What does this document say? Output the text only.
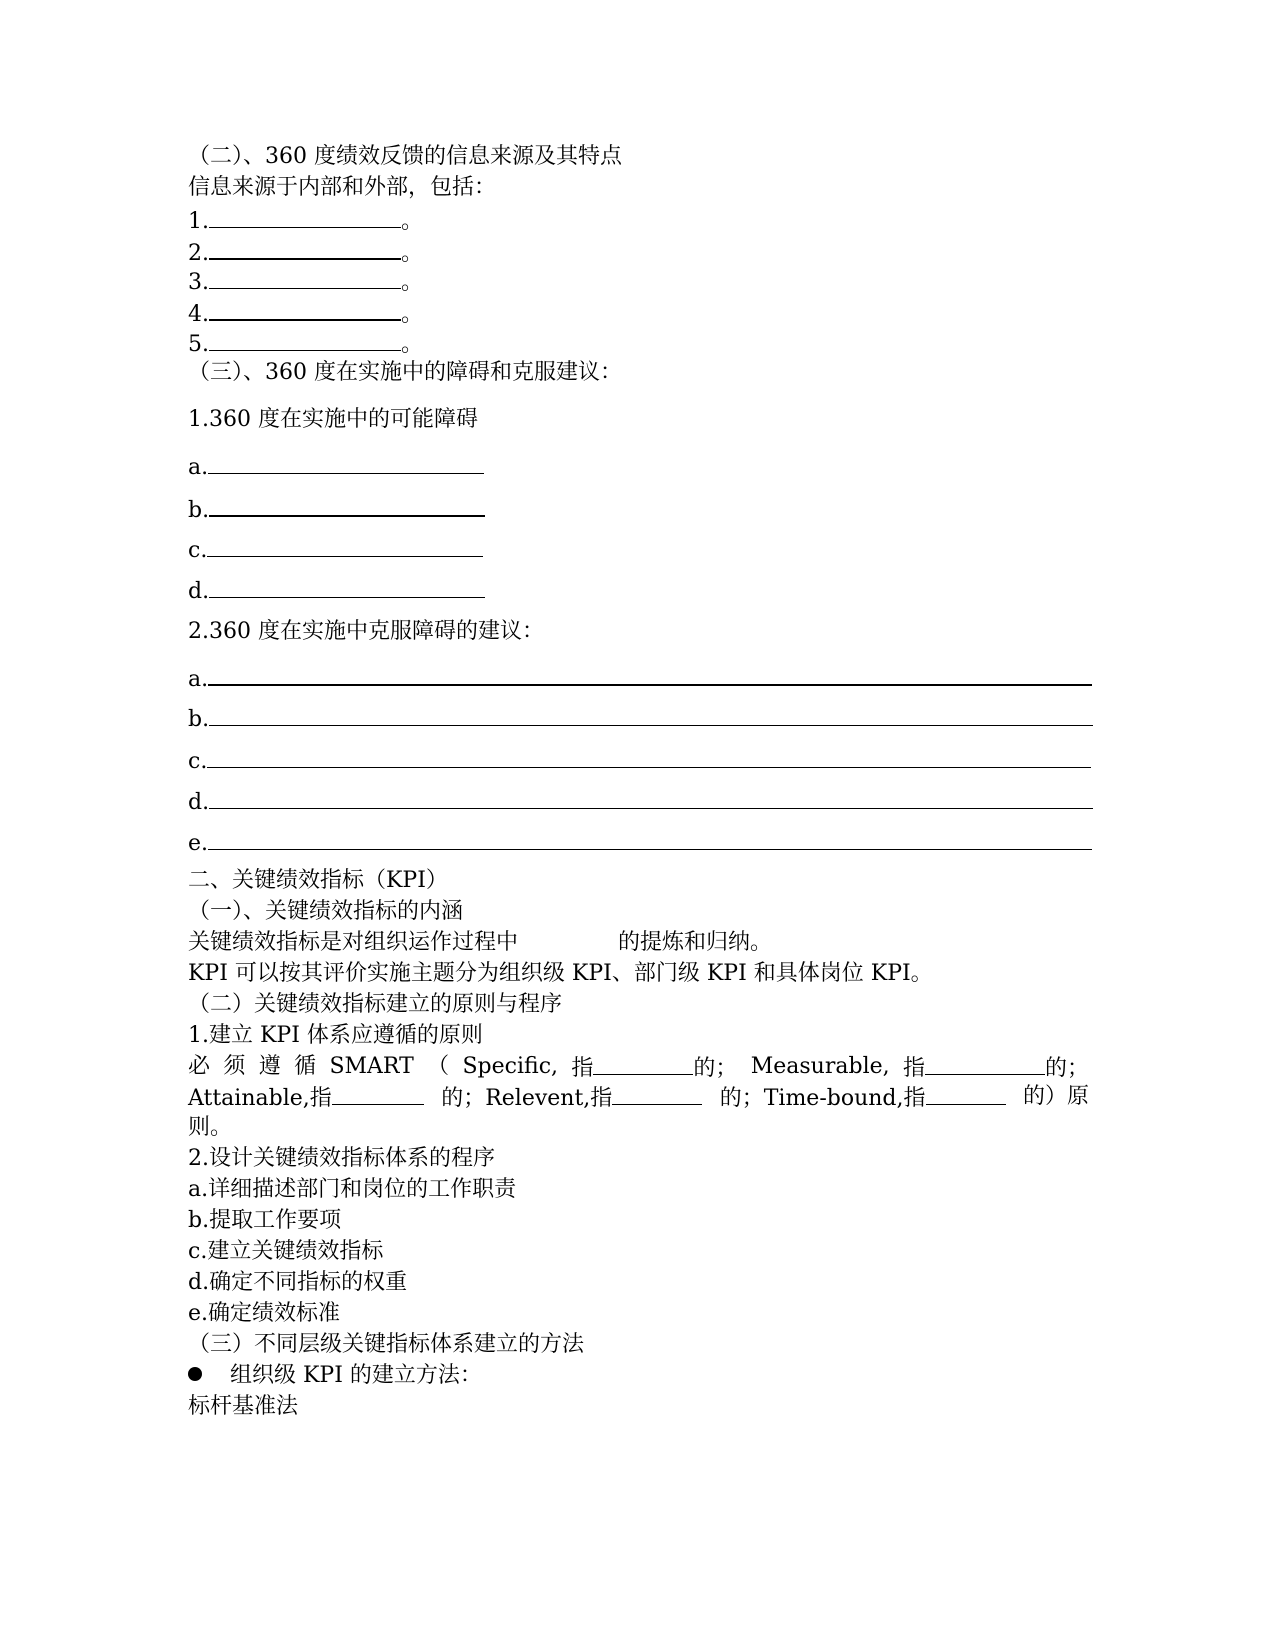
（二）、360 度绩效反馈的信息来源及其特点
信息来源于内部和外部，包括：
1.	。
2.	。
3.	。
4.	。
5.	。
（三）、360 度在实施中的障碍和克服建议：
1.360 度在实施中的可能障碍
a.
b.
c.
d.
2.360 度在实施中克服障碍的建议：
a.
b.
c.
d.
e.
二、关键绩效指标（KPI）
（一）、关键绩效指标的内涵
关键绩效指标是对组织运作过程中	的提炼和归纳。
KPI 可以按其评价实施主题分为组织级 KPI、部门级 KPI 和具体岗位 KPI。
（二）关键绩效指标建立的原则与程序
1.建立 KPI 体系应遵循的原则
必 须 遵 循 SMART （ Specific, 指	的； Measurable, 指	的；
Attainable,指	的；Relevent,指	的；Time-bound,指	的）原
则。
2.设计关键绩效指标体系的程序
a.详细描述部门和岗位的工作职责
b.提取工作要项
c.建立关键绩效指标
d.确定不同指标的权重
e.确定绩效标准
（三）不同层级关键指标体系建立的方法
组织级 KPI 的建立方法：
标杆基准法
